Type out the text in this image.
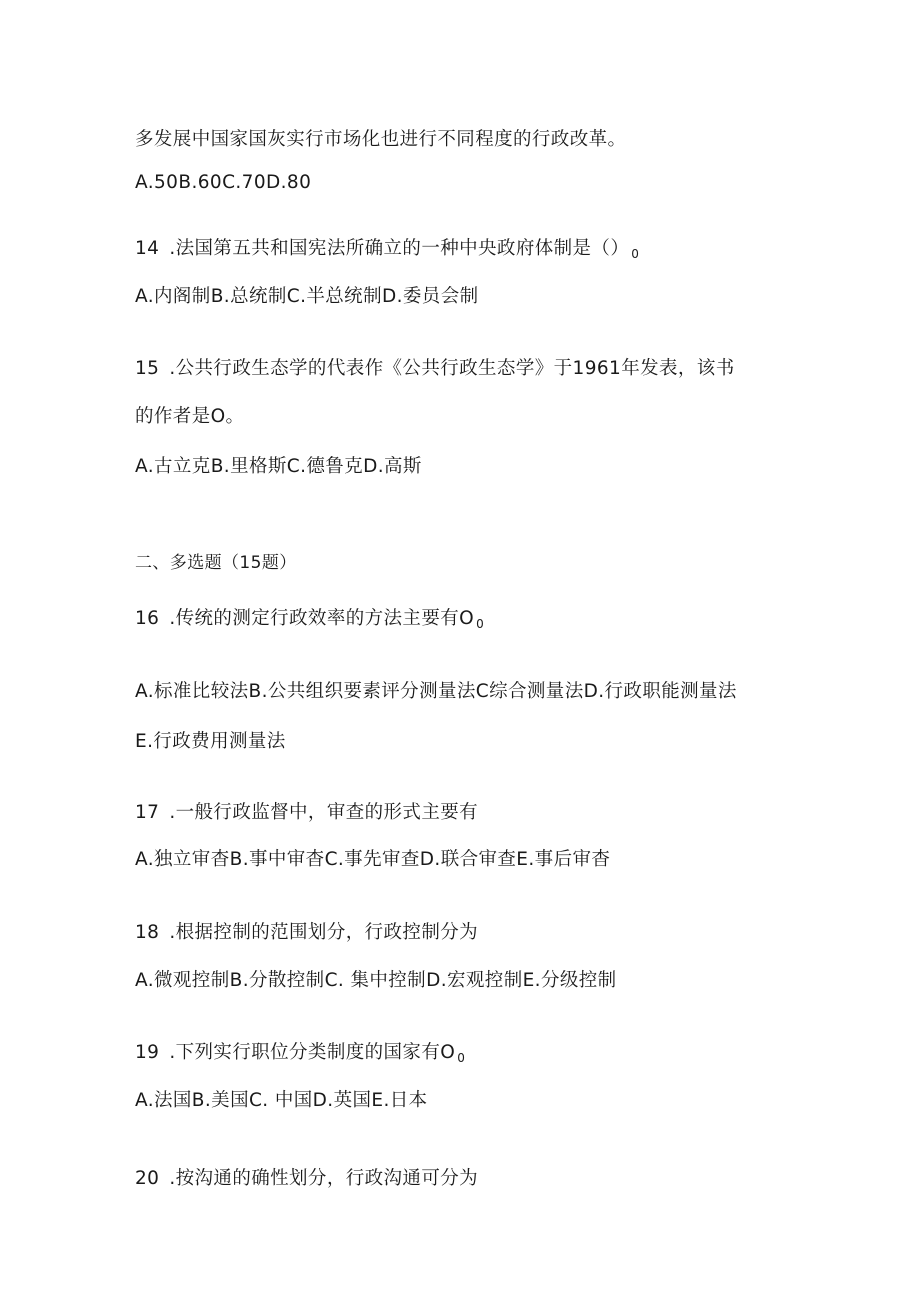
多发展中国家国灰实行市场化也进行不同程度的行政改革。
A.50B.60C.70D.80
14 .法国第五共和国宪法所确立的一种中央政府体制是（） $_0$
A.内阁制B.总统制C.半总统制D.委员会制
15 .公共行政生态学的代表作《公共行政生态学》于1961年发表，该书
的作者是O。
A.古立克B.里格斯C.德鲁克D.高斯
二、多选题（15题）
16 .传统的测定行政效率的方法主要有O $_0$
A.标准比较法B.公共组织要素评分测量法C综合测量法D.行政职能测量法
E.行政费用测量法
17 .一般行政监督中，审查的形式主要有
A.独立审杳B.事中审杳C.事先审查D.联合审查E.事后审杳
18 .根据控制的范围划分，行政控制分为
A.微观控制B.分散控制C. 集中控制D.宏观控制E.分级控制
19 .下列实行职位分类制度的国家有O $_0$
A.法国B.美国C. 中国D.英国E.日本
20 .按沟通的确性划分，行政沟通可分为
